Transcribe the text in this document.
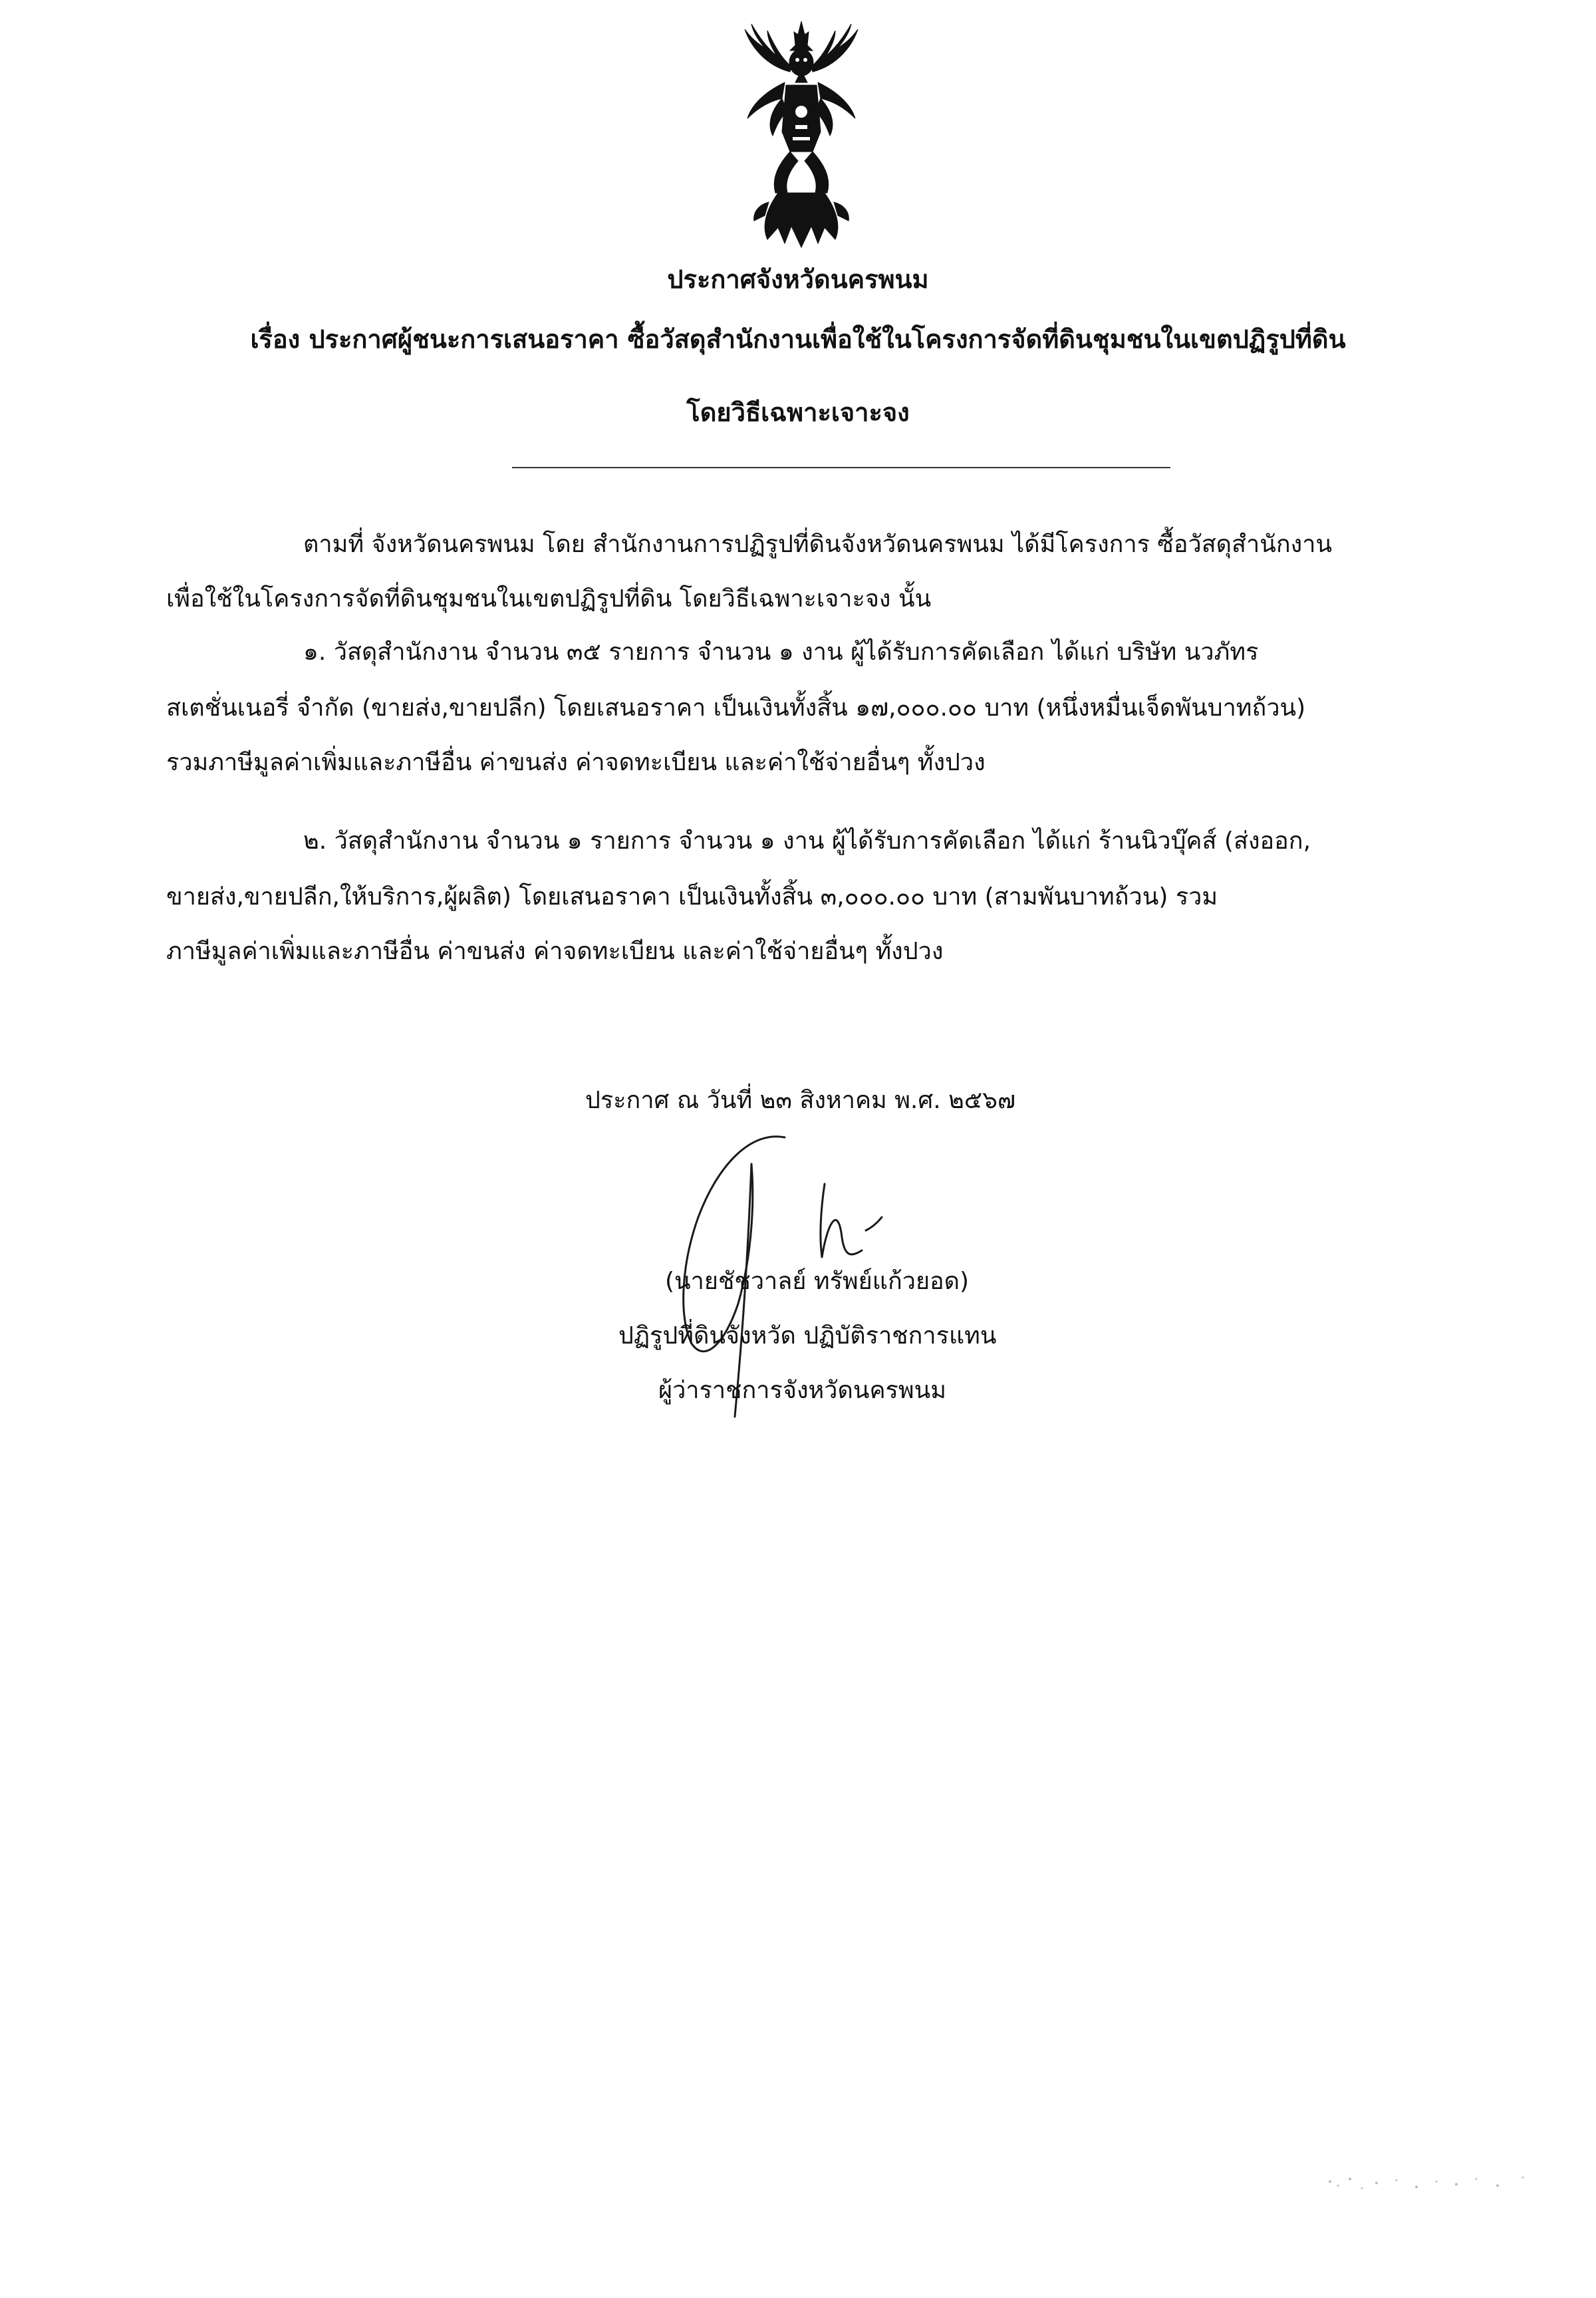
ประกาศจังหวัดนครพนม
เรื่อง ประกาศผู้ชนะการเสนอราคา ซื้อวัสดุสำนักงานเพื่อใช้ในโครงการจัดที่ดินชุมชนในเขตปฏิรูปที่ดิน
โดยวิธีเฉพาะเจาะจง
ตามที่ จังหวัดนครพนม โดย สำนักงานการปฏิรูปที่ดินจังหวัดนครพนม ได้มีโครงการ ซื้อวัสดุสำนักงาน
เพื่อใช้ในโครงการจัดที่ดินชุมชนในเขตปฏิรูปที่ดิน โดยวิธีเฉพาะเจาะจง นั้น
๑. วัสดุสำนักงาน จำนวน ๓๕ รายการ จำนวน ๑ งาน ผู้ได้รับการคัดเลือก ได้แก่ บริษัท นวภัทร
สเตชั่นเนอรี่ จำกัด (ขายส่ง,ขายปลีก) โดยเสนอราคา เป็นเงินทั้งสิ้น ๑๗,๐๐๐.๐๐ บาท (หนึ่งหมื่นเจ็ดพันบาทถ้วน)
รวมภาษีมูลค่าเพิ่มและภาษีอื่น ค่าขนส่ง ค่าจดทะเบียน และค่าใช้จ่ายอื่นๆ ทั้งปวง
๒. วัสดุสำนักงาน จำนวน ๑ รายการ จำนวน ๑ งาน ผู้ได้รับการคัดเลือก ได้แก่ ร้านนิวบุ๊คส์ (ส่งออก,
ขายส่ง,ขายปลีก,ให้บริการ,ผู้ผลิต) โดยเสนอราคา เป็นเงินทั้งสิ้น ๓,๐๐๐.๐๐ บาท (สามพันบาทถ้วน) รวม
ภาษีมูลค่าเพิ่มและภาษีอื่น ค่าขนส่ง ค่าจดทะเบียน และค่าใช้จ่ายอื่นๆ ทั้งปวง
ประกาศ ณ วันที่ ๒๓ สิงหาคม พ.ศ. ๒๕๖๗
(นายชัชวาลย์ ทรัพย์แก้วยอด)
ปฏิรูปที่ดินจังหวัด ปฏิบัติราชการแทน
ผู้ว่าราชการจังหวัดนครพนม
